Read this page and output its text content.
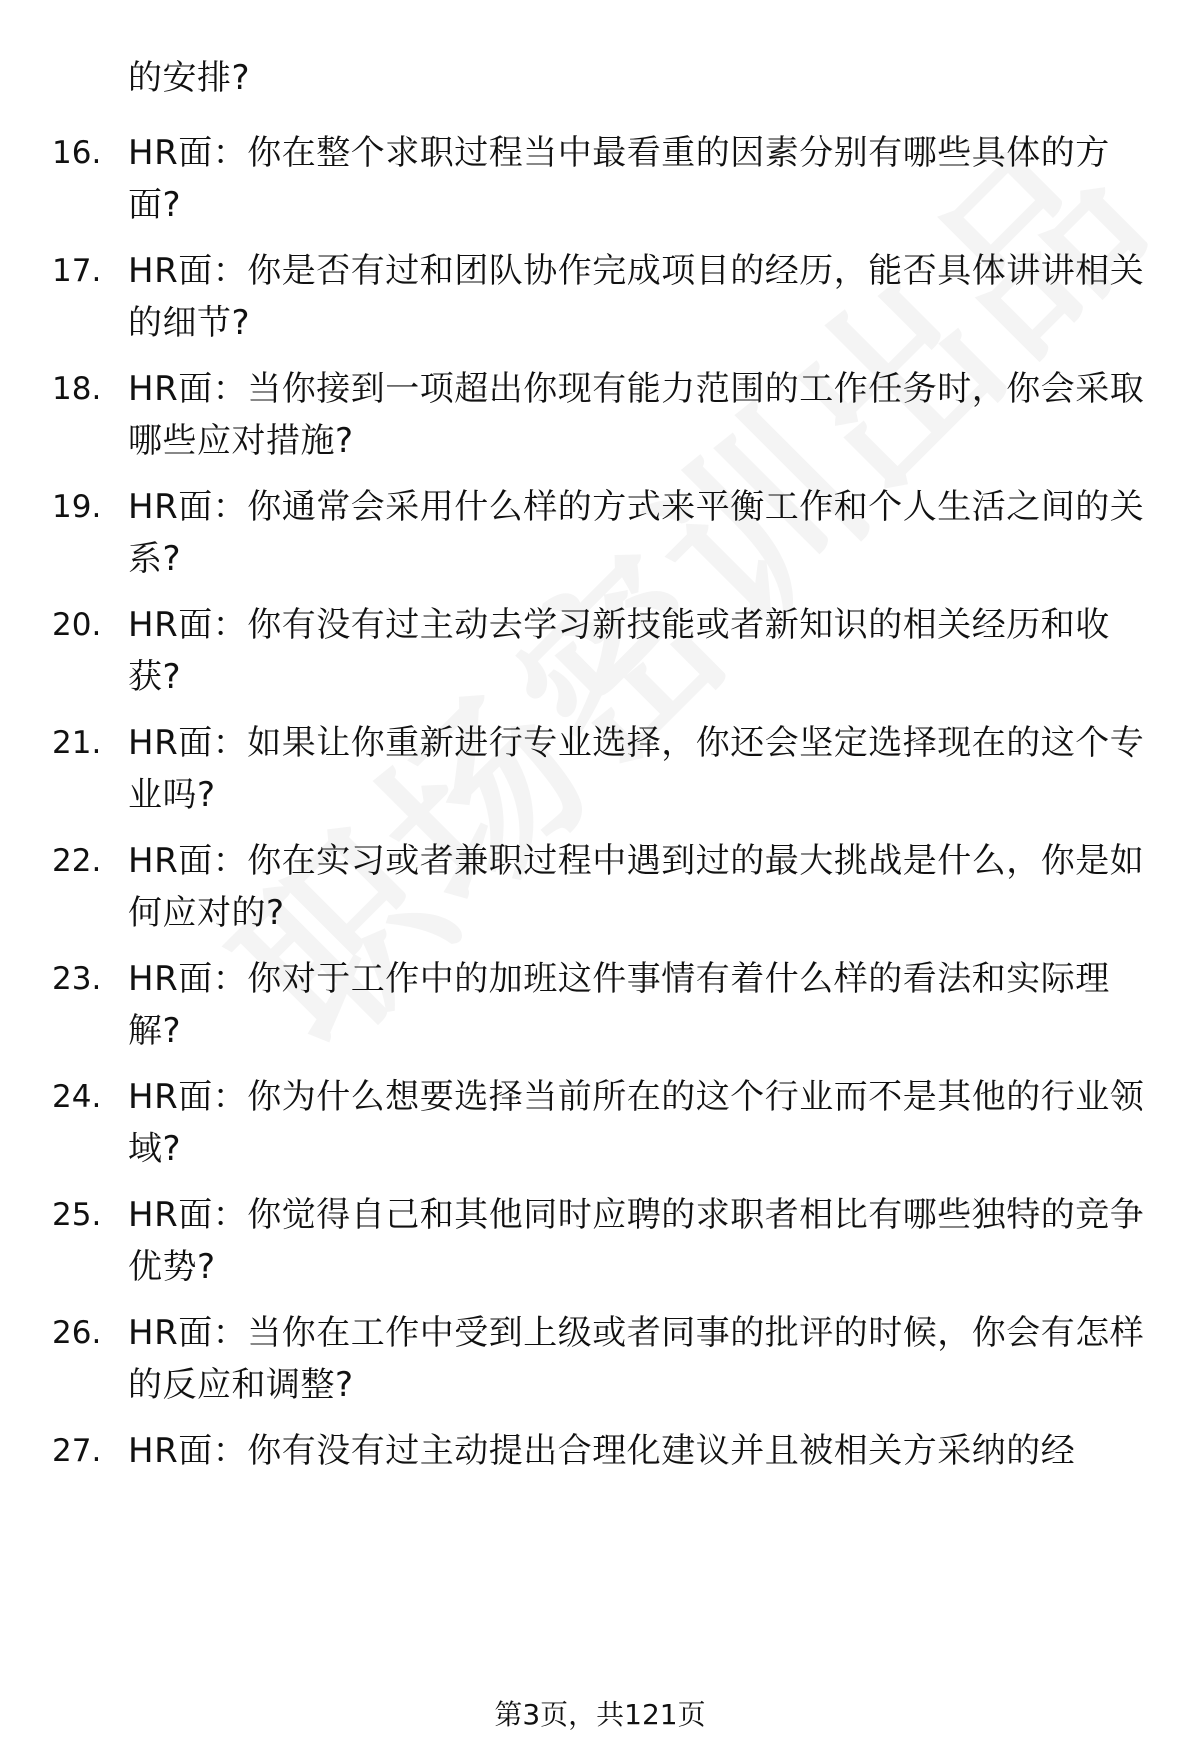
的安排?
16. HR面：你在整个求职过程当中最看重的因素分别有哪些具体的方面?
17. HR面：你是否有过和团队协作完成项目的经历，能否具体讲讲相关的细节?
18. HR面：当你接到一项超出你现有能力范围的工作任务时，你会采取哪些应对措施?
19. HR面：你通常会采用什么样的方式来平衡工作和个人生活之间的关系?
20. HR面：你有没有过主动去学习新技能或者新知识的相关经历和收获?
21. HR面：如果让你重新进行专业选择，你还会坚定选择现在的这个专业吗?
22. HR面：你在实习或者兼职过程中遇到过的最大挑战是什么，你是如何应对的?
23. HR面：你对于工作中的加班这件事情有着什么样的看法和实际理解?
24. HR面：你为什么想要选择当前所在的这个行业而不是其他的行业领域?
25. HR面：你觉得自己和其他同时应聘的求职者相比有哪些独特的竞争优势?
26. HR面：当你在工作中受到上级或者同事的批评的时候，你会有怎样的反应和调整?
27. HR面：你有没有过主动提出合理化建议并且被相关方采纳的经
第3页，共121页
